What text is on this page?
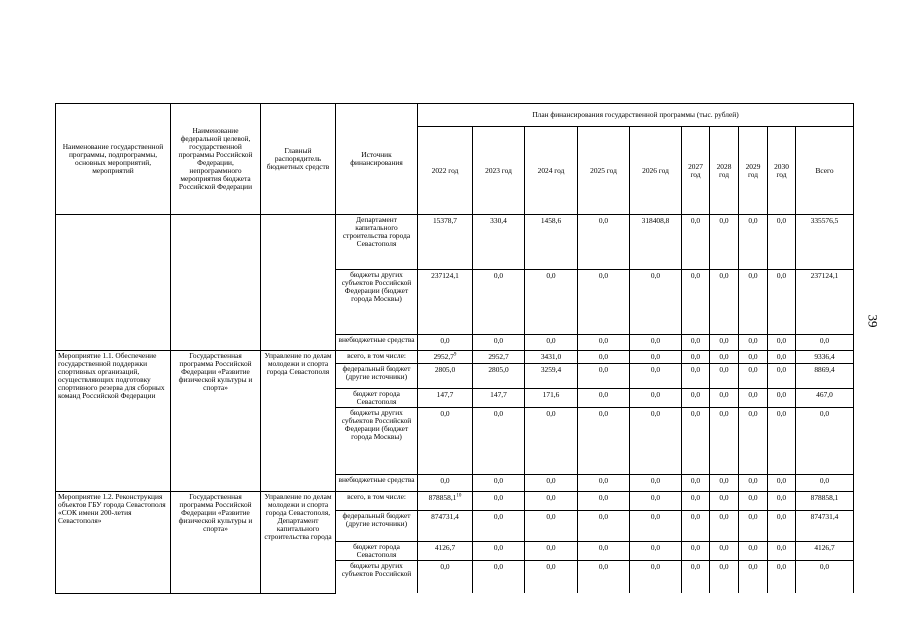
Наименование государственной программы, подпрограммы, основных мероприятий, мероприятий	Наименование федеральной целевой, государственной программы Российской Федерации, непрограммного мероприятия бюджета Российской Федерации	Главный распорядитель бюджетных средств	Источник финансирования	План финансирования государственной программы (тыс. рублей)									
				2022 год	2023 год	2024 год	2025 год	2026 год	2027 год	2028 год	2029 год	2030 год	Всего
			Департамент капитального строительства города Севастополя	15378,7	330,4	1458,6	0,0	318408,8	0,0	0,0	0,0	0,0	335576,5
			бюджеты других субъектов Российской Федерации (бюджет города Москвы)	237124,1	0,0	0,0	0,0	0,0	0,0	0,0	0,0	0,0	237124,1
			внебюджетные средства	0,0	0,0	0,0	0,0	0,0	0,0	0,0	0,0	0,0	0,0
Мероприятие 1.1. Обеспечение государственной поддержки спортивных организаций, осуществляющих подготовку спортивного резерва для сборных команд Российской Федерации	Государственная программа Российской Федерации «Развитие физической культуры и спорта»	Управление по делам молодежи и спорта города Севастополя	всего, в том числе:	2952,7$^9$	2952,7	3431,0	0,0	0,0	0,0	0,0	0,0	0,0	9336,4
			федеральный бюджет (другие источники)	2805,0	2805,0	3259,4	0,0	0,0	0,0	0,0	0,0	0,0	8869,4
			бюджет города Севастополя	147,7	147,7	171,6	0,0	0,0	0,0	0,0	0,0	0,0	467,0
			бюджеты других субъектов Российской Федерации (бюджет города Москвы)	0,0	0,0	0,0	0,0	0,0	0,0	0,0	0,0	0,0	0,0
			внебюджетные средства	0,0	0,0	0,0	0,0	0,0	0,0	0,0	0,0	0,0	0,0
Мероприятие 1.2. Реконструкция объектов ГБУ города Севастополя «СОК имени 200-летия Севастополя»	Государственная программа Российской Федерации «Развитие физической культуры и спорта»	Управление по делам молодежи и спорта города Севастополя, Департамент капитального строительства города	всего, в том числе:	878858,1$^{10}$	0,0	0,0	0,0	0,0	0,0	0,0	0,0	0,0	878858,1
			федеральный бюджет (другие источники)	874731,4	0,0	0,0	0,0	0,0	0,0	0,0	0,0	0,0	874731,4
			бюджет города Севастополя	4126,7	0,0	0,0	0,0	0,0	0,0	0,0	0,0	0,0	4126,7
			бюджеты других субъектов Российской	0,0	0,0	0,0	0,0	0,0	0,0	0,0	0,0	0,0	0,0
39
